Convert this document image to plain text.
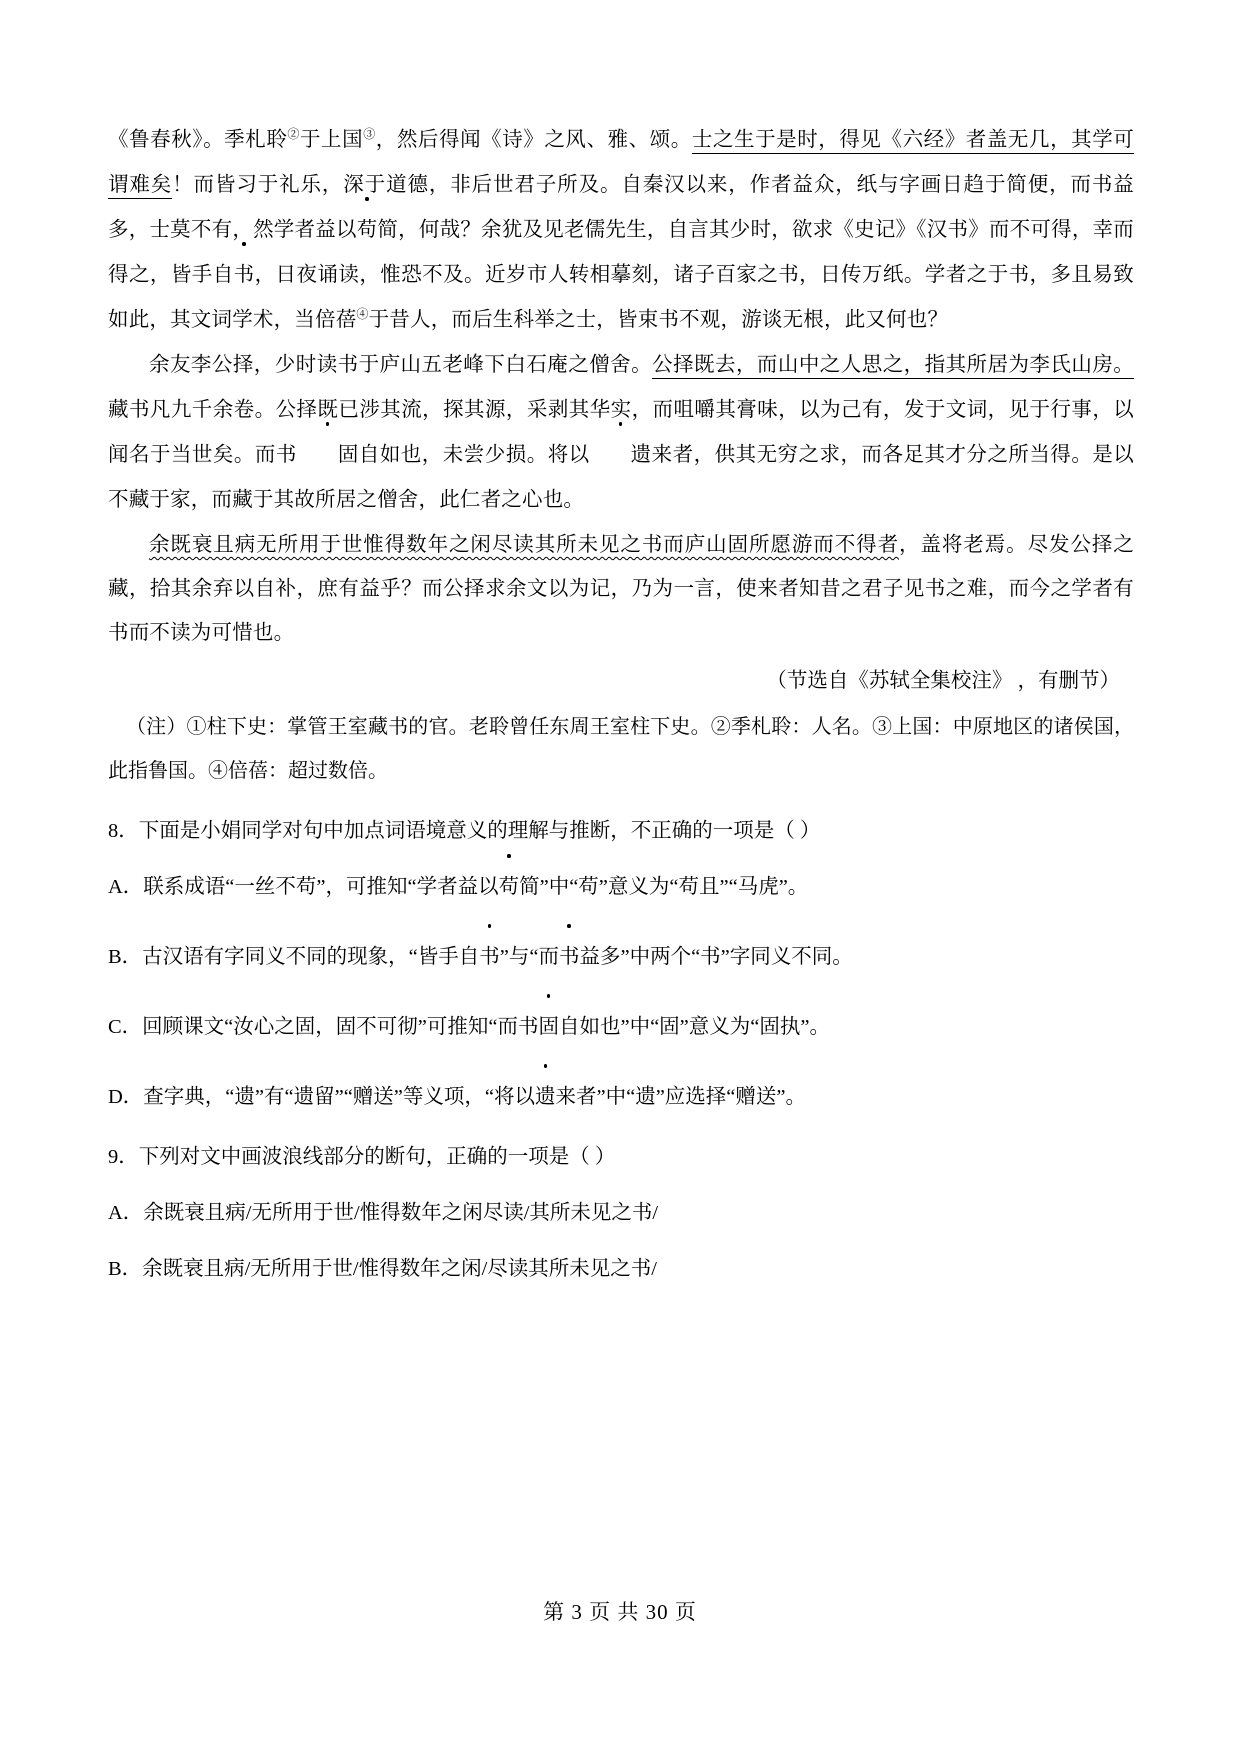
《鲁春秋》。季札聆②于上国③，然后得闻《诗》之风、雅、颂。士之生于是时，得见《六经》者盖无几，其学可谓难矣！而皆习于礼乐，深于道德，非后世君子所及。自秦汉以来，作者益众，纸与字画日趋于简便，而书益多，士莫不有，然学者益以苟简，何哉？余犹及见老儒先生，自言其少时，欲求《史记》《汉书》而不可得，幸而得之，皆手自书，日夜诵读，惟恐不及。近岁市人转相摹刻，诸子百家之书，日传万纸。学者之于书，多且易致如此，其文词学术，当倍蓓④于昔人，而后生科举之士，皆束书不观，游谈无根，此又何也？

余友李公择，少时读书于庐山五老峰下白石庵之僧舍。公择既去，而山中之人思之，指其所居为李氏山房。藏书凡九千余卷。公择既已涉其流，探其源，采剥其华实，而咀嚼其膏味，以为己有，发于文词，见于行事，以闻名于当世矣。而书 固自如也，未尝少损。将以 遗来者，供其无穷之求，而各足其才分之所当得。是以不藏于家，而藏于其故所居之僧舍，此仁者之心也。

余既衰且病无所用于世惟得数年之闲尽读其所未见之书而庐山固所愿游而不得者，盖将老焉。尽发公择之藏，拾其余弃以自补，庶有益乎？而公择求余文以为记，乃为一言，使来者知昔之君子见书之难，而今之学者有书而不读为可惜也。

（节选自《苏轼全集校注》 ，有删节）

（注）①柱下史：掌管王室藏书的官。老聆曾任东周王室柱下史。②季札聆：人名。③上国：中原地区的诸侯国，此指鲁国。④倍蓓：超过数倍。

8．下面是小娟同学对句中加点词语境意义的理解与推断，不正确的一项是（ ）

A．联系成语“一丝不苟”，可推知“学者益以苟简”中“苟”意义为“苟且”“马虎”。

B．古汉语有字同义不同的现象，“皆手自书”与“而书益多”中两个“书”字同义不同。

C．回顾课文“汝心之固，固不可彻”可推知“而书固自如也”中“固”意义为“固执”。

D．查字典，“遗”有“遗留”“赠送”等义项，“将以遗来者”中“遗”应选择“赠送”。

9．下列对文中画波浪线部分的断句，正确的一项是（ ）

A．余既衰且病/无所用于世/惟得数年之闲尽读/其所未见之书/

B．余既衰且病/无所用于世/惟得数年之闲/尽读其所未见之书/

第 3 页 共 30 页
